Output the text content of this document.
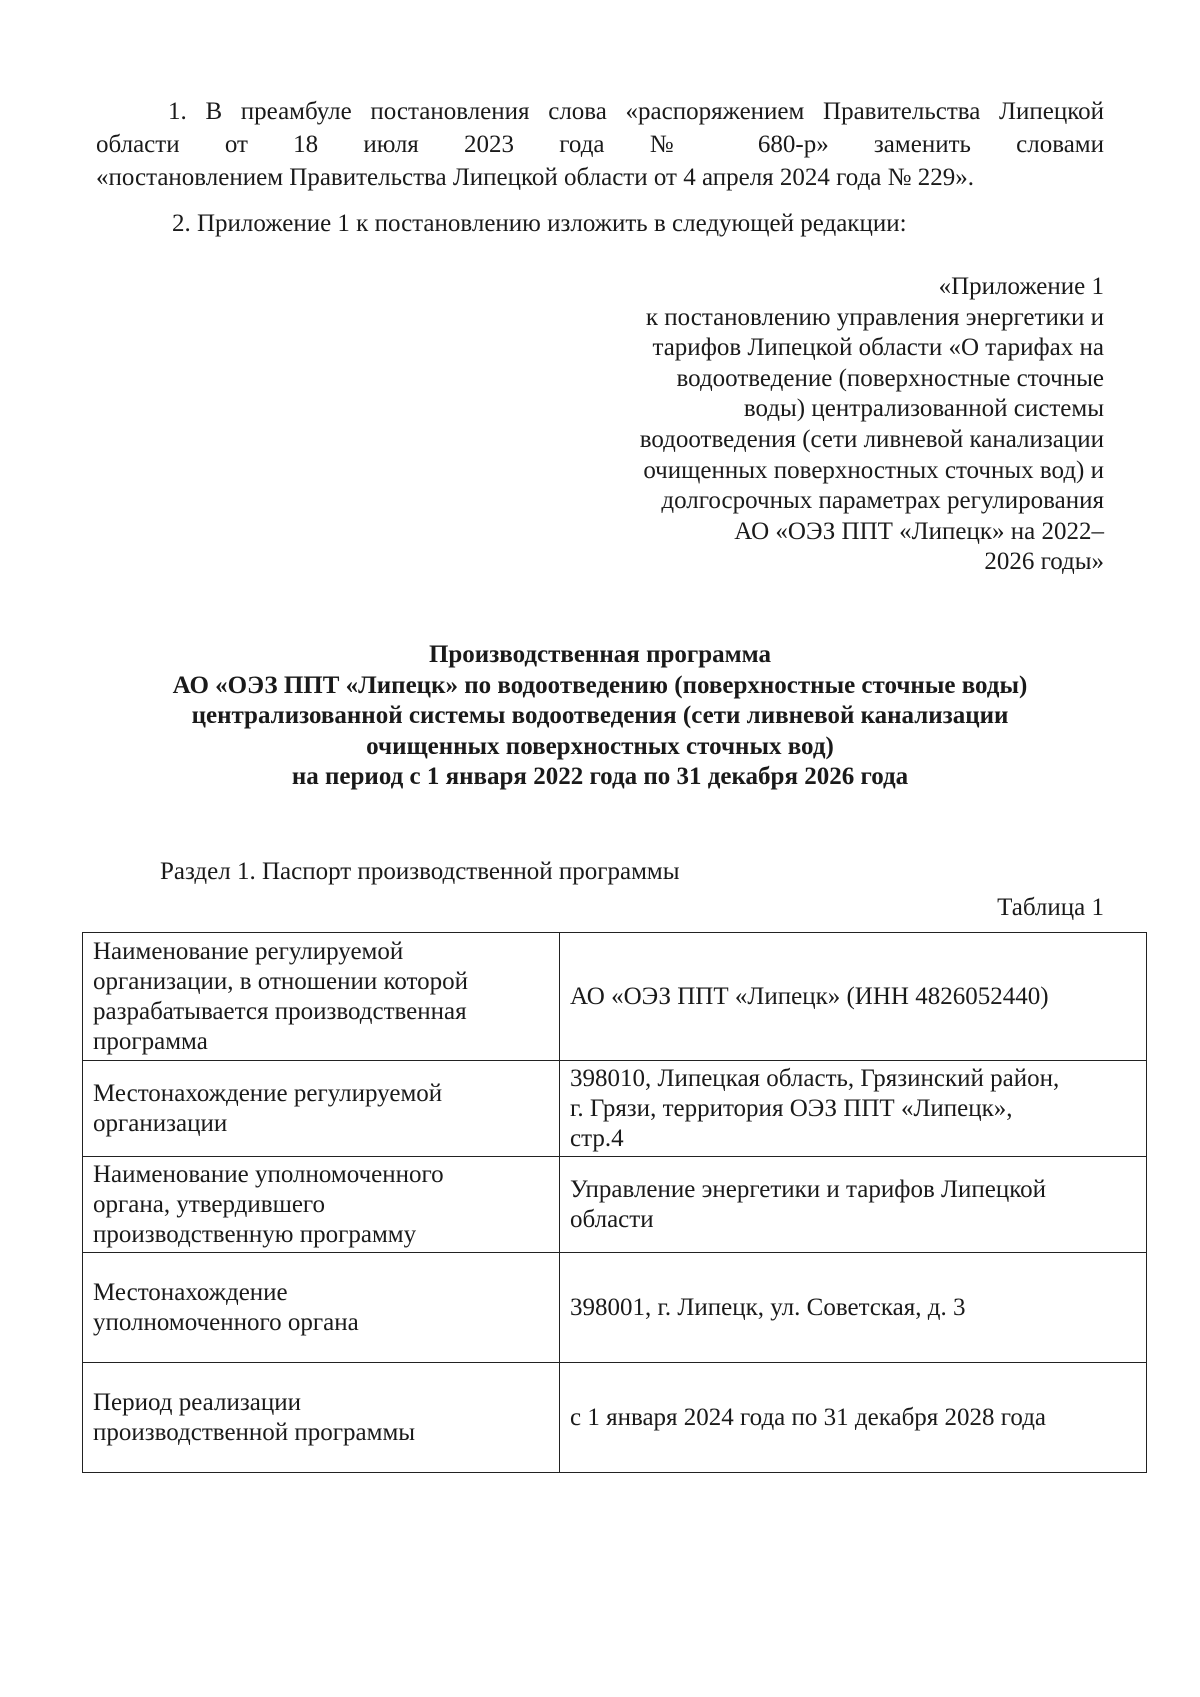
1. В преамбуле постановления слова «распоряжением Правительства Липецкой области от 18 июля 2023 года № 680-р» заменить словами

«постановлением Правительства Липецкой области от 4 апреля 2024 года № 229».

2. Приложение 1 к постановлению изложить в следующей редакции:

«Приложение 1
к постановлению управления энергетики и
тарифов Липецкой области «О тарифах на
водоотведение (поверхностные сточные
воды) централизованной системы
водоотведения (сети ливневой канализации
очищенных поверхностных сточных вод) и
долгосрочных параметрах регулирования
АО «ОЭЗ ППТ «Липецк» на 2022–
2026 годы»
Производственная программа
АО «ОЭЗ ППТ «Липецк» по водоотведению (поверхностные сточные воды)
централизованной системы водоотведения (сети ливневой канализации
очищенных поверхностных сточных вод)
на период с 1 января 2022 года по 31 декабря 2026 года

Раздел 1. Паспорт производственной программы

Таблица 1

Наименование регулируемой
организации, в отношении которой
разрабатывается производственная
программа	АО «ОЭЗ ППТ «Липецк» (ИНН 4826052440)

Местонахождение регулируемой
организации	398010, Липецкая область, Грязинский район,
г. Грязи, территория ОЭЗ ППТ «Липецк»,
стр.4

Наименование уполномоченного
органа, утвердившего
производственную программу	Управление энергетики и тарифов Липецкой
области

Местонахождение
уполномоченного органа	398001, г. Липецк, ул. Советская, д. 3

Период реализации
производственной программы	с 1 января 2024 года по 31 декабря 2028 года
